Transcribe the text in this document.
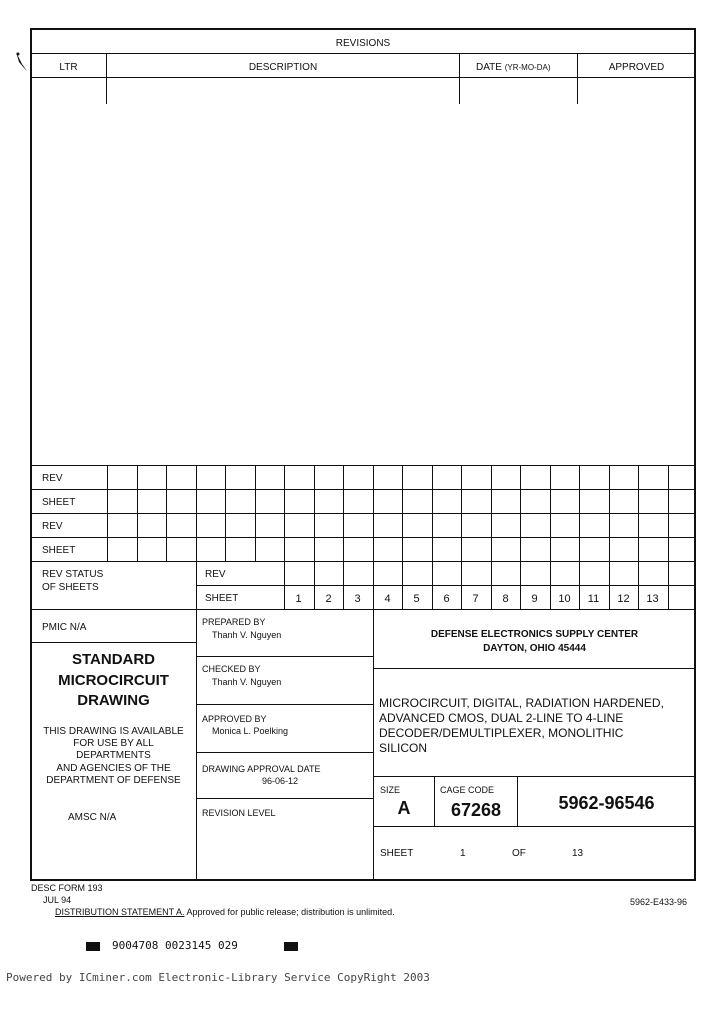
REVISIONS
LTR	DESCRIPTION	DATE (YR-MO-DA)	APPROVED
REV
SHEET
REV
SHEET
REV STATUS
OF SHEETS
REV
SHEET	1	2	3	4	5	6	7	8	9	10	11	12	13
PMIC N/A
STANDARD
MICROCIRCUIT
DRAWING
THIS DRAWING IS AVAILABLE
FOR USE BY ALL
DEPARTMENTS
AND AGENCIES OF THE
DEPARTMENT OF DEFENSE
AMSC N/A
PREPARED BY
Thanh V. Nguyen
CHECKED BY
Thanh V. Nguyen
APPROVED BY
Monica L. Poelking
DRAWING APPROVAL DATE
96-06-12
REVISION LEVEL
DEFENSE ELECTRONICS SUPPLY CENTER
DAYTON, OHIO 45444
MICROCIRCUIT, DIGITAL, RADIATION HARDENED,
ADVANCED CMOS, DUAL 2-LINE TO 4-LINE
DECODER/DEMULTIPLEXER, MONOLITHIC
SILICON
SIZE
A
CAGE CODE
67268	5962-96546
SHEET	1	OF	13
DESC FORM 193
JUL 94	5962-E433-96
DISTRIBUTION STATEMENT A. Approved for public release; distribution is unlimited.
9004708 0023145 029
Powered by ICminer.com Electronic-Library Service CopyRight 2003
